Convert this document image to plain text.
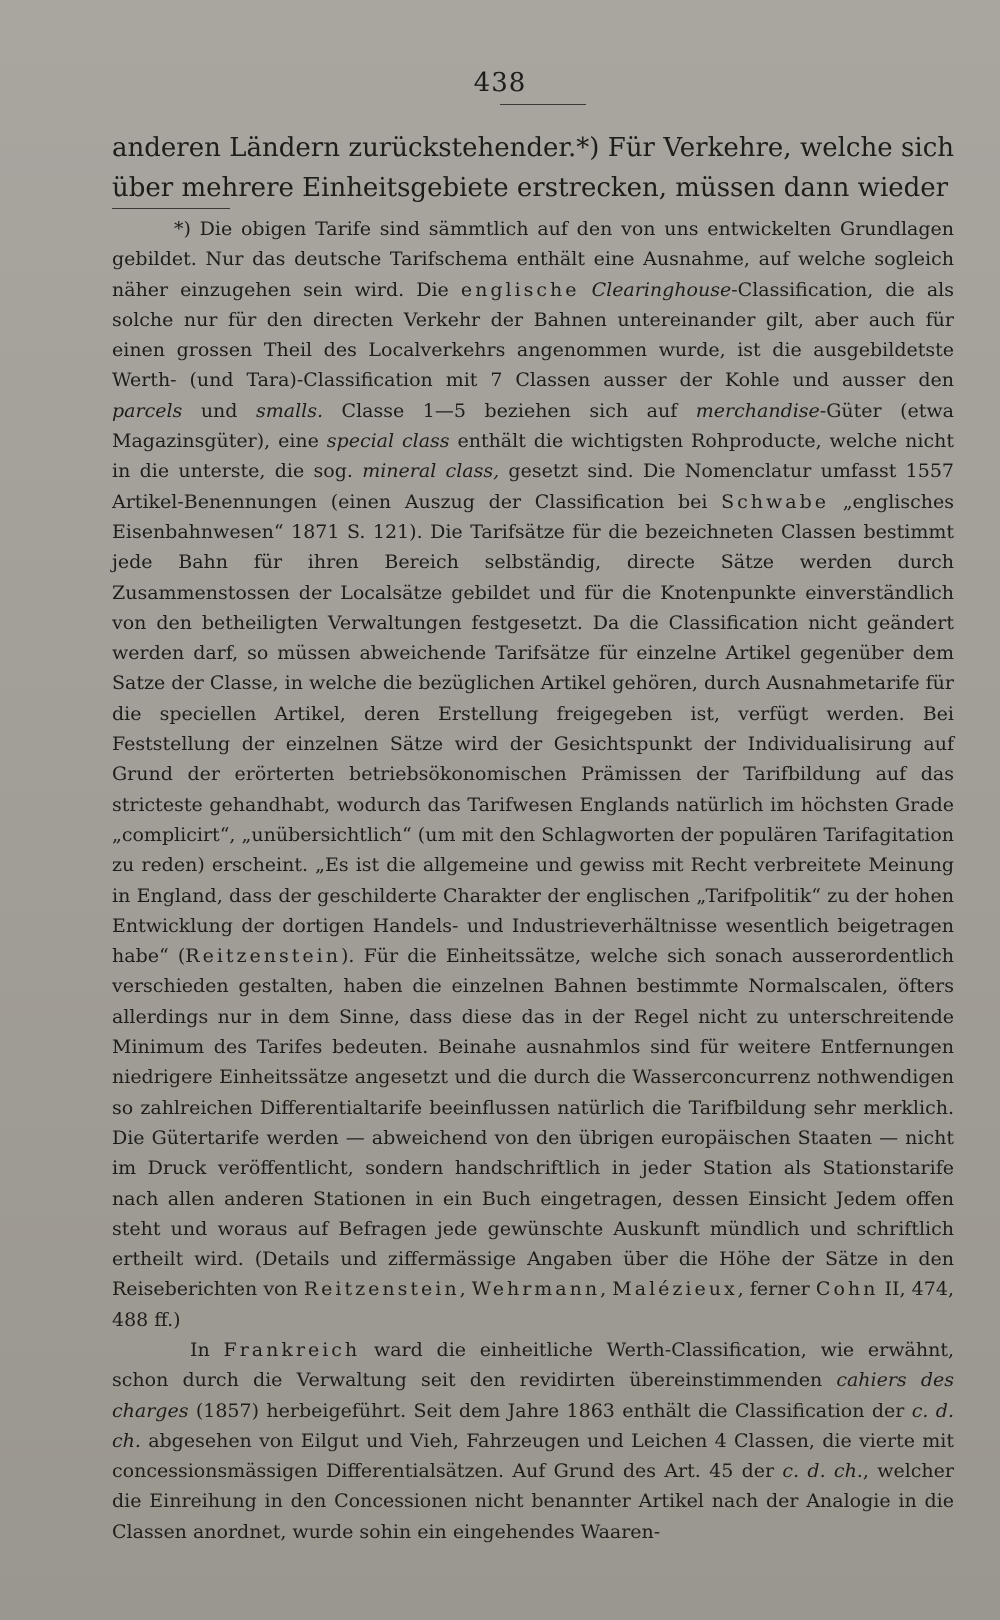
438

anderen Ländern zurückstehender.*) Für Verkehre, welche sich über mehrere Einheitsgebiete erstrecken, müssen dann wieder

*) Die obigen Tarife sind sämmtlich auf den von uns entwickelten Grundlagen gebildet. Nur das deutsche Tarifschema enthält eine Ausnahme, auf welche sogleich näher einzugehen sein wird. Die englische Clearinghouse-Classification, die als solche nur für den directen Verkehr der Bahnen untereinander gilt, aber auch für einen grossen Theil des Localverkehrs angenommen wurde, ist die ausgebildetste Werth- (und Tara)-Classification mit 7 Classen ausser der Kohle und ausser den parcels und smalls. Classe 1—5 beziehen sich auf merchandise-Güter (etwa Magazinsgüter), eine special class enthält die wichtigsten Rohproducte, welche nicht in die unterste, die sog. mineral class, gesetzt sind. Die Nomenclatur umfasst 1557 Artikel-Benennungen (einen Auszug der Classification bei Schwabe „englisches Eisenbahnwesen“ 1871 S. 121). Die Tarifsätze für die bezeichneten Classen bestimmt jede Bahn für ihren Bereich selbständig, directe Sätze werden durch Zusammenstossen der Localsätze gebildet und für die Knotenpunkte einverständlich von den betheiligten Verwaltungen festgesetzt. Da die Classification nicht geändert werden darf, so müssen abweichende Tarifsätze für einzelne Artikel gegenüber dem Satze der Classe, in welche die bezüglichen Artikel gehören, durch Ausnahmetarife für die speciellen Artikel, deren Erstellung freigegeben ist, verfügt werden. Bei Feststellung der einzelnen Sätze wird der Gesichtspunkt der Individualisirung auf Grund der erörterten betriebsökonomischen Prämissen der Tarifbildung auf das stricteste gehandhabt, wodurch das Tarifwesen Englands natürlich im höchsten Grade „complicirt“, „unübersichtlich“ (um mit den Schlagworten der populären Tarifagitation zu reden) erscheint. „Es ist die allgemeine und gewiss mit Recht verbreitete Meinung in England, dass der geschilderte Charakter der englischen „Tarifpolitik“ zu der hohen Entwicklung der dortigen Handels- und Industrieverhältnisse wesentlich beigetragen habe“ (Reitzenstein). Für die Einheitssätze, welche sich sonach ausserordentlich verschieden gestalten, haben die einzelnen Bahnen bestimmte Normalscalen, öfters allerdings nur in dem Sinne, dass diese das in der Regel nicht zu unterschreitende Minimum des Tarifes bedeuten. Beinahe ausnahmlos sind für weitere Entfernungen niedrigere Einheitssätze angesetzt und die durch die Wasserconcurrenz nothwendigen so zahlreichen Differentialtarife beeinflussen natürlich die Tarifbildung sehr merklich. Die Gütertarife werden — abweichend von den übrigen europäischen Staaten — nicht im Druck veröffentlicht, sondern handschriftlich in jeder Station als Stationstarife nach allen anderen Stationen in ein Buch eingetragen, dessen Einsicht Jedem offen steht und woraus auf Befragen jede gewünschte Auskunft mündlich und schriftlich ertheilt wird. (Details und ziffermässige Angaben über die Höhe der Sätze in den Reiseberichten von Reitzenstein, Wehrmann, Malézieux, ferner Cohn II, 474, 488 ff.)

In Frankreich ward die einheitliche Werth-Classification, wie erwähnt, schon durch die Verwaltung seit den revidirten übereinstimmenden cahiers des charges (1857) herbeigeführt. Seit dem Jahre 1863 enthält die Classification der c. d. ch. abgesehen von Eilgut und Vieh, Fahrzeugen und Leichen 4 Classen, die vierte mit concessionsmässigen Differentialsätzen. Auf Grund des Art. 45 der c. d. ch., welcher die Einreihung in den Concessionen nicht benannter Artikel nach der Analogie in die Classen anordnet, wurde sohin ein eingehendes Waaren-
